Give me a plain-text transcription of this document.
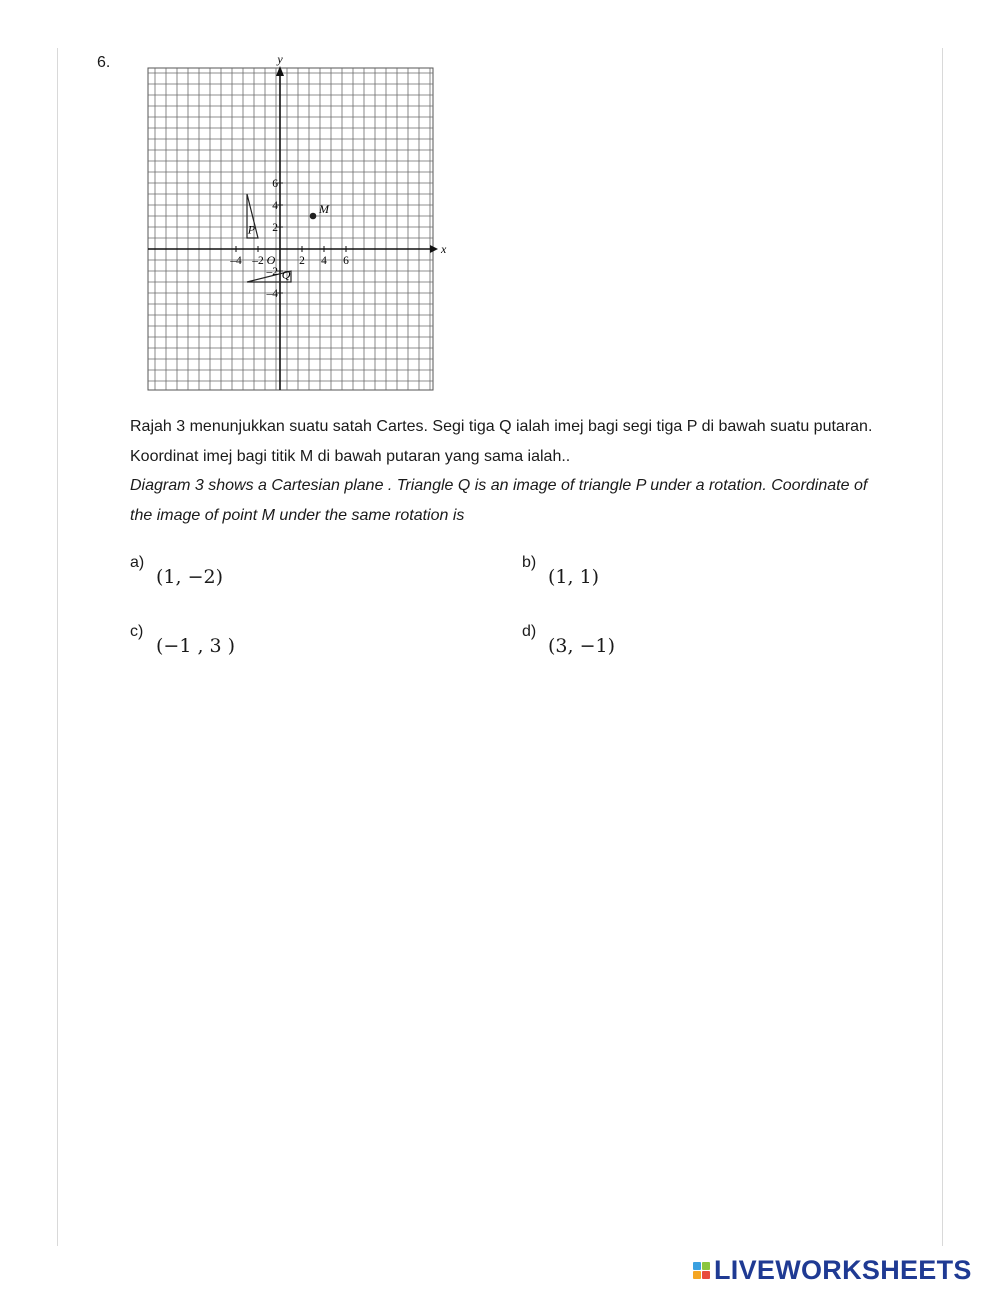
6.	y
x
O
M
P
Q
–4 –2	2 4 6
6
4
2
–2
–4
Rajah 3 menunjukkan suatu satah Cartes. Segi tiga Q ialah imej bagi segi tiga P di bawah suatu putaran.
Koordinat imej bagi titik M di bawah putaran yang sama ialah..
Diagram 3 shows a Cartesian plane . Triangle Q is an image of triangle P under a rotation. Coordinate of
the image of point M under the same rotation is
a)
(1, −2)
b)
(1, 1)
c)
(−1 , 3 )
d)
(3, −1)
LIVEWORKSHEETS
